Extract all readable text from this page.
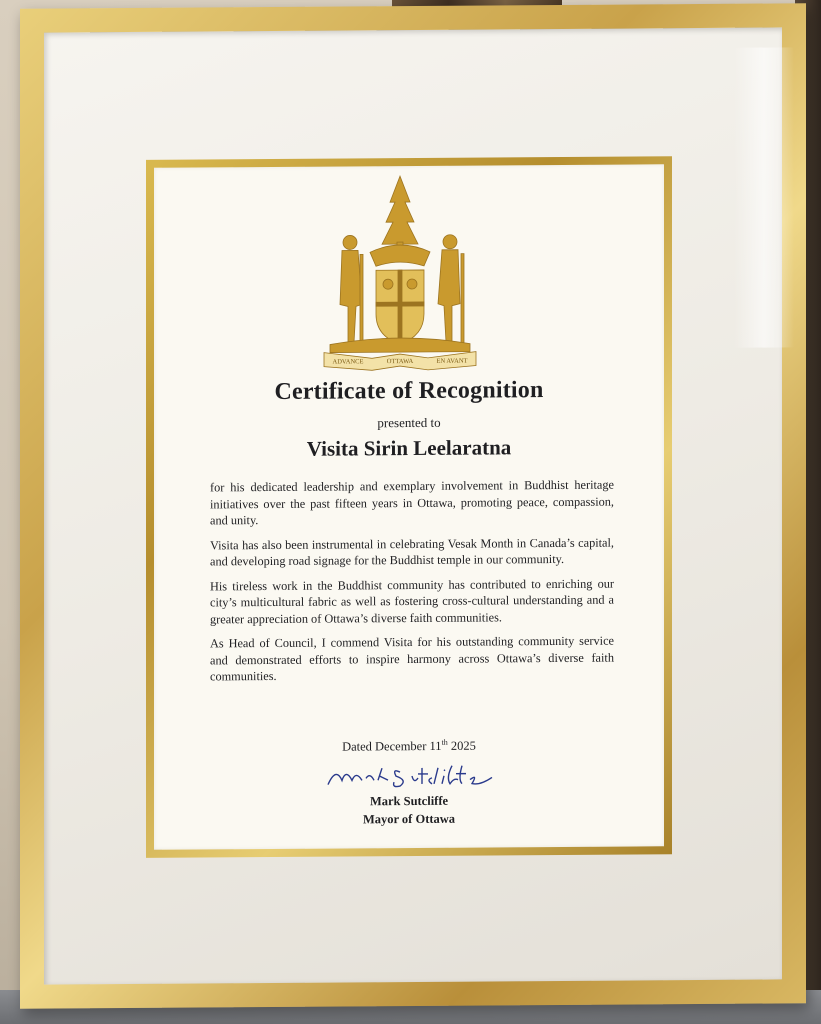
ADVANCE	OTTAWA	EN AVANT
Certificate of Recognition
presented to
Visita Sirin Leelaratna

for his dedicated leadership and exemplary involvement in Buddhist heritage initiatives over the past fifteen years in Ottawa, promoting peace, compassion, and unity.

Visita has also been instrumental in celebrating Vesak Month in Canada’s capital, and developing road signage for the Buddhist temple in our community.

His tireless work in the Buddhist community has contributed to enriching our city’s multicultural fabric as well as fostering cross-cultural understanding and a greater appreciation of Ottawa’s diverse faith communities.

As Head of Council, I commend Visita for his outstanding community service and demonstrated efforts to inspire harmony across Ottawa’s diverse faith communities.

Dated December 11th 2025
Mark Sutcliffe
Mayor of Ottawa
